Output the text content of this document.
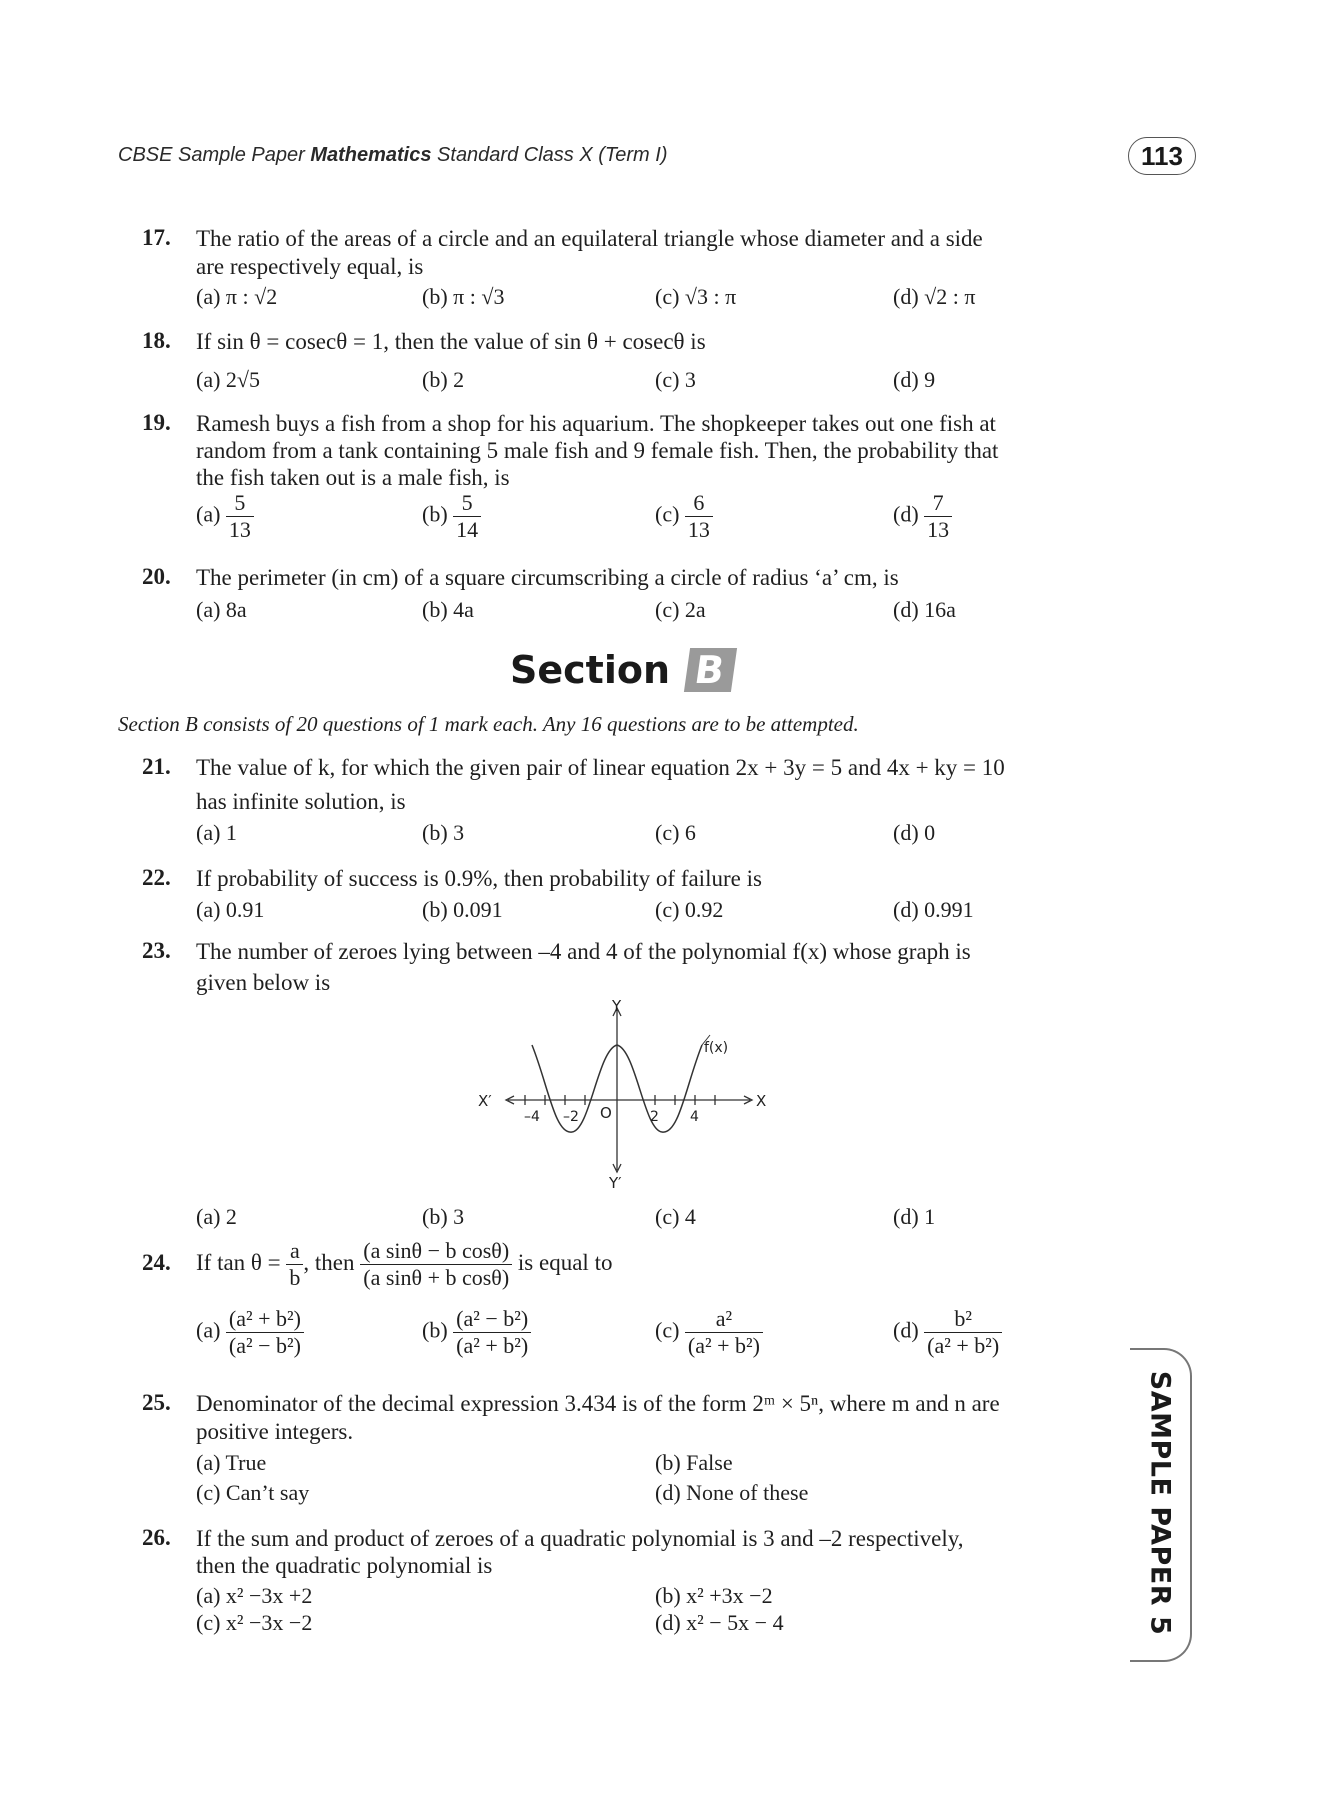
CBSE Sample Paper Mathematics Standard Class X (Term I)	113
17. The ratio of the areas of a circle and an equilateral triangle whose diameter and a side
are respectively equal, is
(a) π : √2	(b) π : √3	(c) √3 : π	(d) √2 : π
18. If sin θ = cosecθ = 1, then the value of sin θ + cosecθ is
(a) 2√5	(b) 2	(c) 3	(d) 9
19. Ramesh buys a fish from a shop for his aquarium. The shopkeeper takes out one fish at
random from a tank containing 5 male fish and 9 female fish. Then, the probability that
the fish taken out is a male fish, is
$(a) \frac{5}{13}$	$(b) \frac{5}{14}$	$(c) \frac{6}{13}$	$(d) \frac{7}{13}$
20. The perimeter (in cm) of a square circumscribing a circle of radius ‘a’ cm, is
(a) 8a	(b) 4a	(c) 2a	(d) 16a
Section B
Section B consists of 20 questions of 1 mark each. Any 16 questions are to be attempted.
21. The value of k, for which the given pair of linear equation 2x + 3y = 5 and 4x + ky = 10
has infinite solution, is
(a) 1	(b) 3	(c) 6	(d) 0
22. If probability of success is 0.9%, then probability of failure is
(a) 0.91	(b) 0.091	(c) 0.92	(d) 0.991
23. The number of zeroes lying between –4 and 4 of the polynomial f(x) whose graph is
given below is
Y
Y′
X
X′
O
f(x)
–4 –2	2 4
(a) 2	(b) 3	(c) 4	(d) 1
24. If $\tan \theta = \frac{a}{b}$ , then $\frac{\text{(a sinθ − b cosθ)}}{\text{(a sinθ + b cosθ)}}$ is equal to
$(a) \frac{\text{(a² + b²)}}{\text{(a² − b²)}}$	$(b) \frac{\text{(a² − b²)}}{\text{(a² + b²)}}$	$(c) \frac{\text{a²}}{\text{(a² + b²)}}$	$(d) \frac{\text{b²}}{\text{(a² + b²)}}$
25. Denominator of the decimal expression 3.434 is of the form 2ᵐ × 5ⁿ, where m and n are
positive integers.
(a) True	(b) False
(c) Can’t say	(d) None of these
26. If the sum and product of zeroes of a quadratic polynomial is 3 and –2 respectively,
then the quadratic polynomial is
(a) x² −3x +2	(b) x² +3x −2
(c) x² −3x −2	(d) x² − 5x − 4	SAMPLE PAPER 5
